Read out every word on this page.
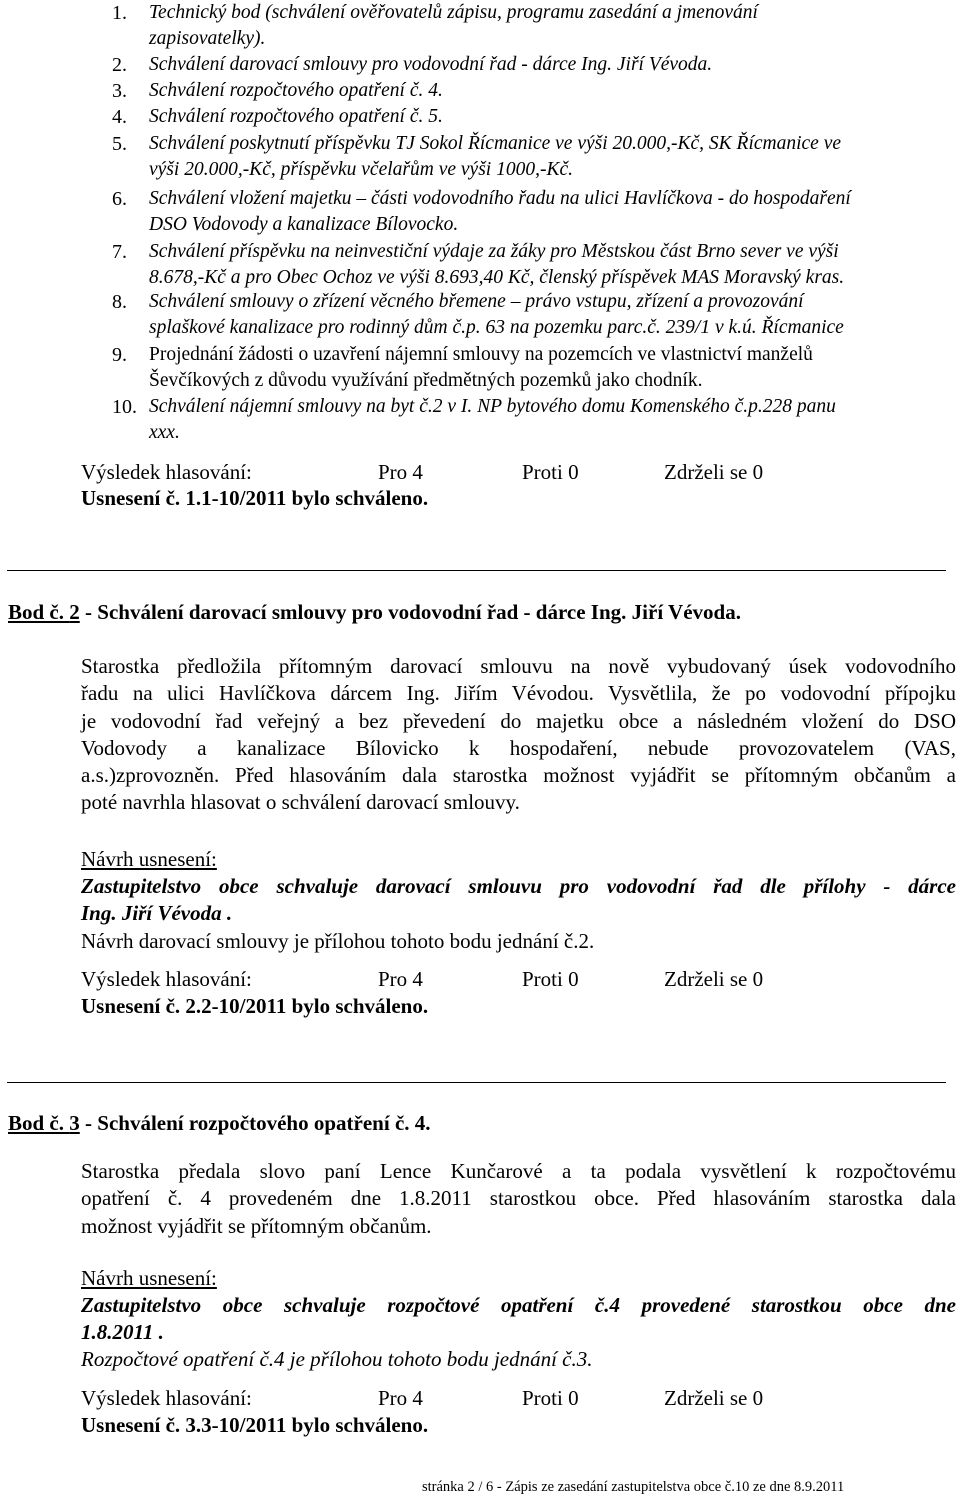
1. Technický bod (schválení ověřovatelů zápisu, programu zasedání a jmenování
zapisovatelky).
2. Schválení darovací smlouvy pro vodovodní řad - dárce Ing. Jiří Vévoda.
3. Schválení rozpočtového opatření č. 4.
4. Schválení rozpočtového opatření č. 5.
5. Schválení poskytnutí příspěvku TJ Sokol Řícmanice ve výši 20.000,-Kč, SK Řícmanice ve
výši 20.000,-Kč, příspěvku včelařům ve výši 1000,-Kč.
6. Schválení vložení majetku – části vodovodního řadu na ulici Havlíčkova - do hospodaření
DSO Vodovody a kanalizace Bílovocko.
7. Schválení příspěvku na neinvestiční výdaje za žáky pro Městskou část Brno sever ve výši
8.678,-Kč a pro Obec Ochoz ve výši 8.693,40 Kč, členský příspěvek MAS Moravský kras.
8. Schválení smlouvy o zřízení věcného břemene – právo vstupu, zřízení a provozování
splaškové kanalizace pro rodinný dům č.p. 63 na pozemku parc.č. 239/1 v k.ú. Řícmanice
9. Projednání žádosti o uzavření nájemní smlouvy na pozemcích ve vlastnictví manželů
Ševčíkových z důvodu využívání předmětných pozemků jako chodník.
10. Schválení nájemní smlouvy na byt č.2 v I. NP bytového domu Komenského č.p.228 panu
xxx.
Výsledek hlasování:	Pro 4	Proti 0	Zdrželi se 0
Usnesení č. 1.1-10/2011 bylo schváleno.
Bod č. 2 - Schválení darovací smlouvy pro vodovodní řad - dárce Ing. Jiří Vévoda.
Starostka předložila přítomným darovací smlouvu na nově vybudovaný úsek vodovodního
řadu na ulici Havlíčkova dárcem Ing. Jiřím Vévodou. Vysvětlila, že po vodovodní přípojku
je vodovodní řad veřejný a bez převedení do majetku obce a následném vložení do DSO
Vodovody a kanalizace Bílovicko k hospodaření, nebude provozovatelem (VAS,
a.s.)zprovozněn. Před hlasováním dala starostka možnost vyjádřit se přítomným občanům a
poté navrhla hlasovat o schválení darovací smlouvy.
Návrh usnesení:
Zastupitelstvo obce schvaluje darovací smlouvu pro vodovodní řad dle přílohy - dárce
Ing. Jiří Vévoda .
Návrh darovací smlouvy je přílohou tohoto bodu jednání č.2.
Výsledek hlasování:	Pro 4	Proti 0	Zdrželi se 0
Usnesení č. 2.2-10/2011 bylo schváleno.
Bod č. 3 - Schválení rozpočtového opatření č. 4.
Starostka předala slovo paní Lence Kunčarové a ta podala vysvětlení k rozpočtovému
opatření č. 4 provedeném dne 1.8.2011 starostkou obce. Před hlasováním starostka dala
možnost vyjádřit se přítomným občanům.
Návrh usnesení:
Zastupitelstvo obce schvaluje rozpočtové opatření č.4 provedené starostkou obce dne
1.8.2011 .
Rozpočtové opatření č.4 je přílohou tohoto bodu jednání č.3.
Výsledek hlasování:	Pro 4	Proti 0	Zdrželi se 0
Usnesení č. 3.3-10/2011 bylo schváleno.
stránka 2 / 6 - Zápis ze zasedání zastupitelstva obce č.10 ze dne 8.9.2011
